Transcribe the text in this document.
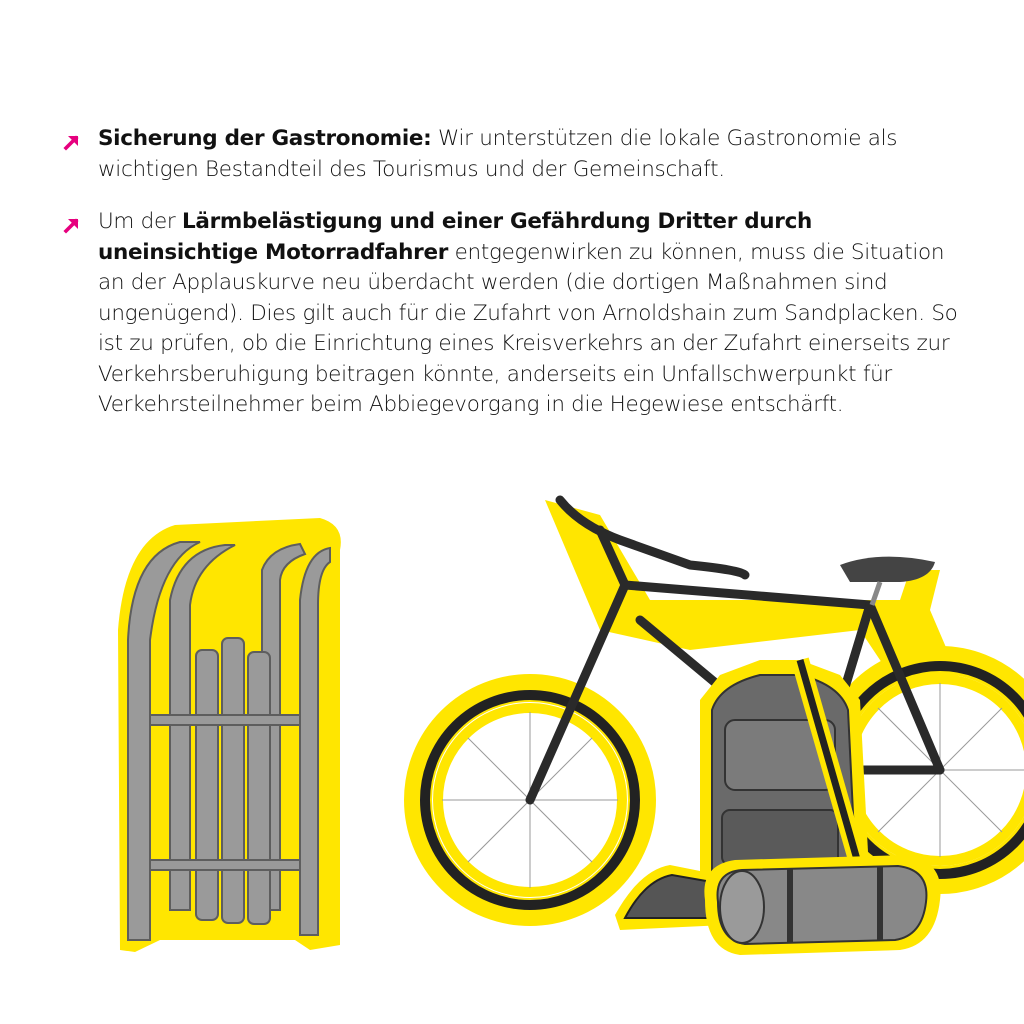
Sicherung der Gastronomie: Wir unterstützen die lokale Gastronomie als wichtigen Bestandteil des Tourismus und der Gemeinschaft.
Um der Lärmbelästigung und einer Gefährdung Dritter durch uneinsichtige Motorradfahrer entgegenwirken zu können, muss die Situation an der Applauskurve neu überdacht werden (die dortigen Maßnahmen sind ungenügend). Dies gilt auch für die Zufahrt von Arnoldshain zum Sandplacken. So ist zu prüfen, ob die Einrichtung eines Kreisverkehrs an der Zufahrt einerseits zur Verkehrsberuhigung beitragen könnte, anderseits ein Unfallschwerpunkt für Verkehrsteilnehmer beim Abbiegevorgang in die Hegewiese entschärft.
